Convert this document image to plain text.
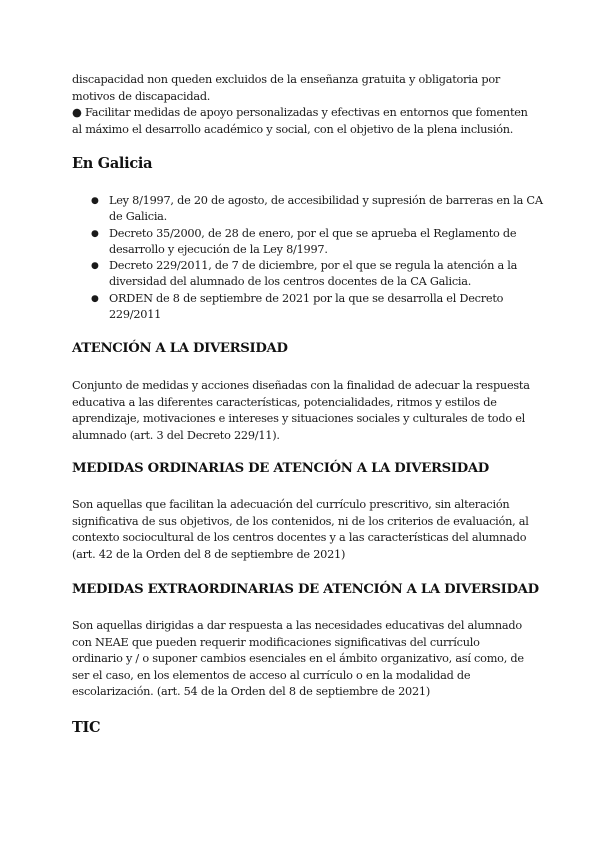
discapacidad non queden excluidos de la enseñanza gratuita y obligatoria por
motivos de discapacidad.
● Facilitar medidas de apoyo personalizadas y efectivas en entornos que fomenten
al máximo el desarrollo académico y social, con el objetivo de la plena inclusión.

En Galicia
● Ley 8/1997, de 20 de agosto, de accesibilidad y supresión de barreras en la CA de Galicia.
● Decreto 35/2000, de 28 de enero, por el que se aprueba el Reglamento de desarrollo y ejecución de la Ley 8/1997.
● Decreto 229/2011, de 7 de diciembre, por el que se regula la atención a la diversidad del alumnado de los centros docentes de la CA Galicia.
● ORDEN de 8 de septiembre de 2021 por la que se desarrolla el Decreto 229/2011
ATENCIÓN A LA DIVERSIDAD

Conjunto de medidas y acciones diseñadas con la finalidad de adecuar la respuesta educativa a las diferentes características, potencialidades, ritmos y estilos de aprendizaje, motivaciones e intereses y situaciones sociales y culturales de todo el alumnado (art. 3 del Decreto 229/11).

MEDIDAS ORDINARIAS DE ATENCIÓN A LA DIVERSIDAD

Son aquellas que facilitan la adecuación del currículo prescritivo, sin alteración significativa de sus objetivos, de los contenidos, ni de los criterios de evaluación, al contexto sociocultural de los centros docentes y a las características del alumnado (art. 42 de la Orden del 8 de septiembre de 2021)

MEDIDAS EXTRAORDINARIAS DE ATENCIÓN A LA DIVERSIDAD

Son aquellas dirigidas a dar respuesta a las necesidades educativas del alumnado con NEAE que pueden requerir modificaciones significativas del currículo ordinario y / o suponer cambios esenciales en el ámbito organizativo, así como, de ser el caso, en los elementos de acceso al currículo o en la modalidad de escolarización. (art. 54 de la Orden del 8 de septiembre de 2021)

TIC
